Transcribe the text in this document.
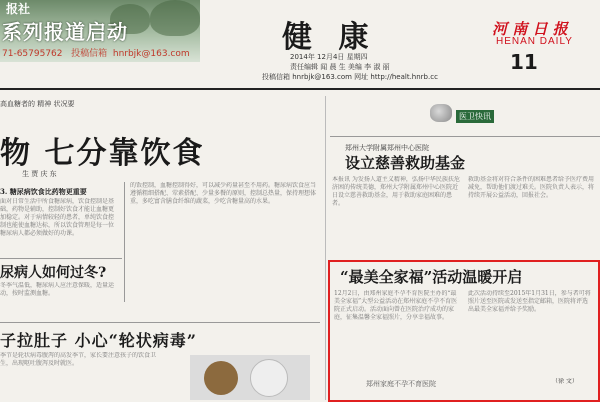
报社
系列报道启动
71-65795762 投稿信箱 hnrbjk@163.com	健 康
2014年 12月4日 星期四
责任编辑 闻 晨 生 美编 李 淑 丽
投稿信箱 hnrbjk@163.com 网址 http://healt.hnrb.cc
河 南 日 报
HENAN DAILY
11
高血糖者的 精神 状况要
物 七分靠饮食
生 贾 庆 东
3. 糖尿病饮食比药物更重要
面对日常生活中所食糖尿病，饮食控制是基础，药物是辅助，控制好饮食才能让血糖更加稳定。对于病情较轻的患者，单纯饮食控制也能使血糖达标，所以饮食管理是每一位糖尿病人都必须做好的功课。
的饭控制，血糖控制得好，可以减少药量甚至不用药。糖尿病饮食应当遵循粗细搭配、荤素搭配、少量多餐的原则，控制总热量，保持理想体重，多吃富含膳食纤维的蔬菜，少吃含糖量高的水果。
尿病人如何过冬?
冬季气温低，糖尿病人应注意保暖，适量运动，按时监测血糖。
子拉肚子 小心“轮状病毒”
季节是轮状病毒腹泻的高发季节，家长要注意孩子的饮食卫生，出现呕吐腹泻及时就医。
医卫快讯
郑州大学附属郑州中心医院
设立慈善救助基金
本报讯 为发扬人道主义精神，弘扬中华民族扶危济困的传统美德，郑州大学附属郑州中心医院近日设立慈善救助基金，用于救助家庭困难的患者。
救助基金将对符合条件的困难患者给予医疗费用减免，帮助他们渡过难关。医院负责人表示，将持续开展公益活动，回报社会。
“最美全家福”活动温暖开启
12月2日，由郑州家庭不孕不育医院主办的“最美全家福”大型公益活动在郑州家庭不孕不育医院正式启动。活动面向曾在医院治疗成功的家庭，征集温馨全家福照片，分享幸福故事。
此次活动持续至2015年1月31日，参与者可将照片送至医院或发送至指定邮箱，医院将评选出最美全家福并给予奖励。
（徐 文）
郑州家庭不孕不育医院
